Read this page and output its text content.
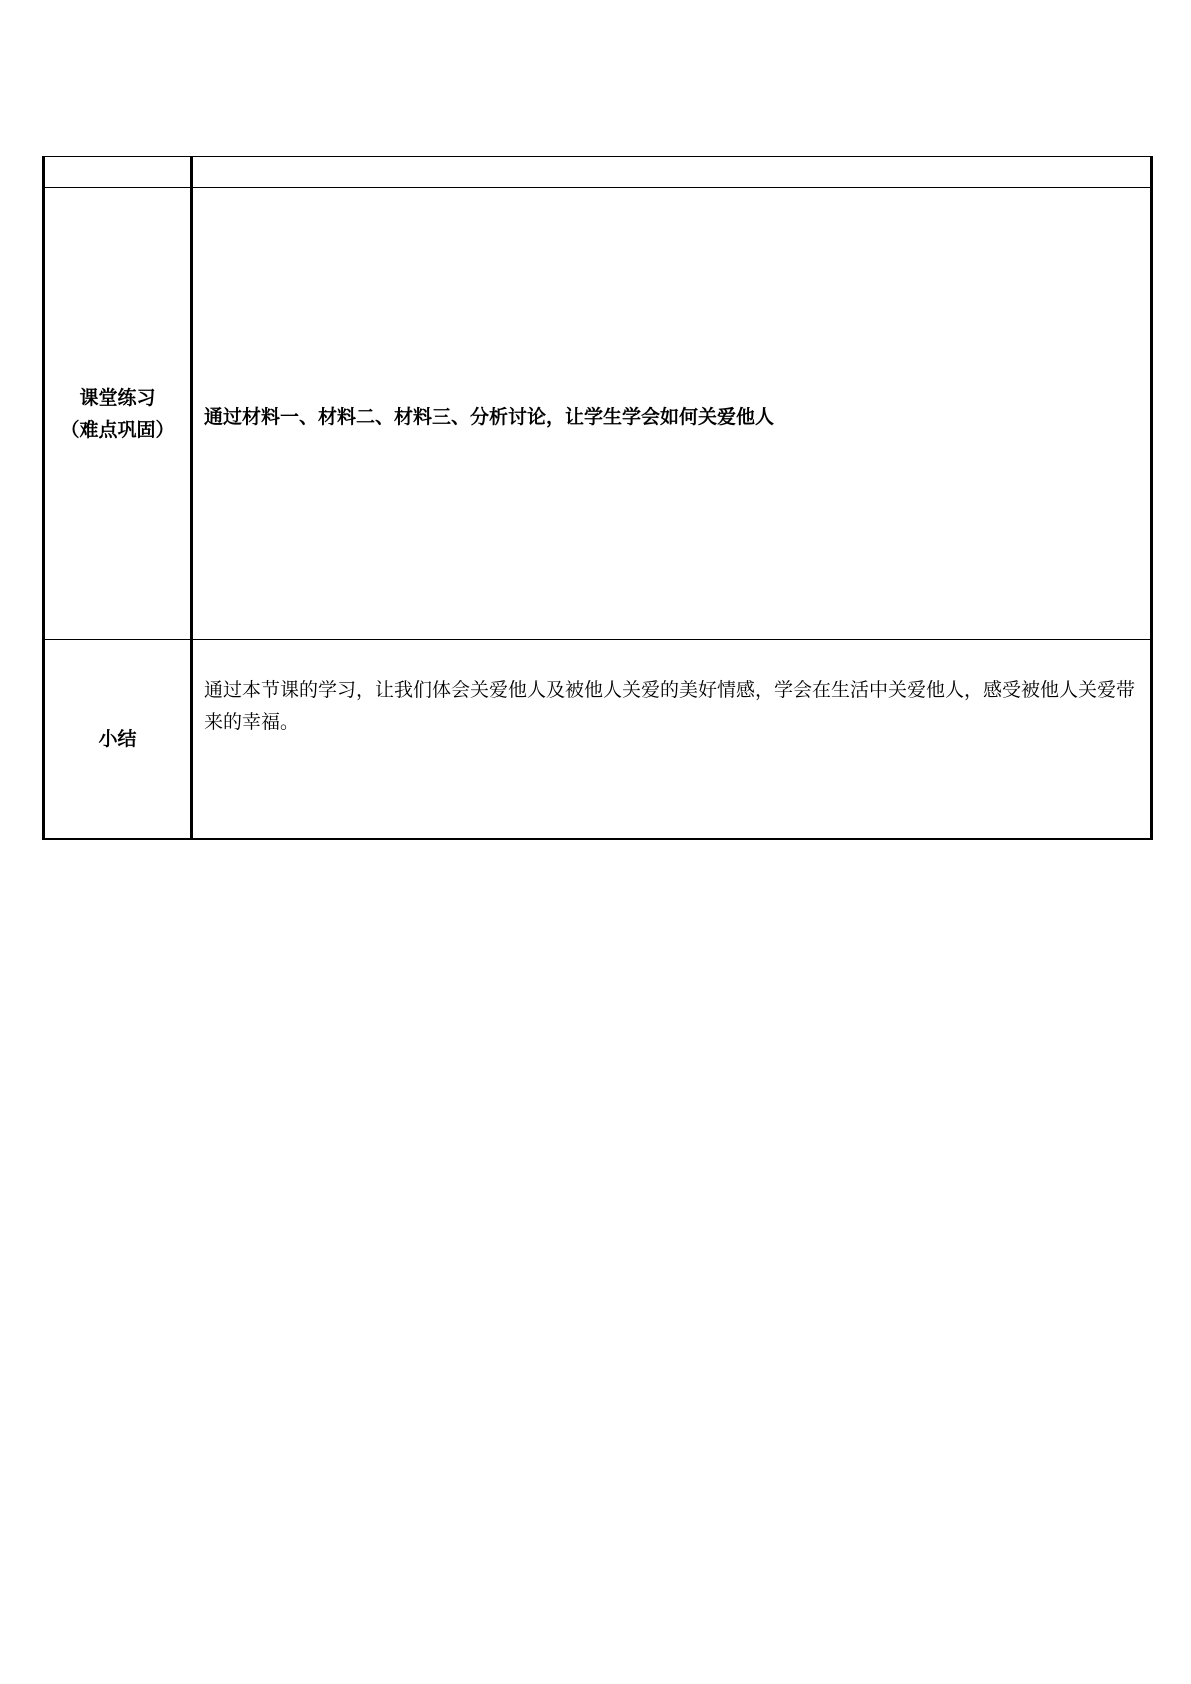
课堂练习
（难点巩固）	通过材料一、材料二、材料三、分析讨论，让学生学会如何关爱他人

小结	通过本节课的学习，让我们体会关爱他人及被他人关爱的美好情感，学会在生活中关爱他人，感受被他人关爱带来的幸福。
